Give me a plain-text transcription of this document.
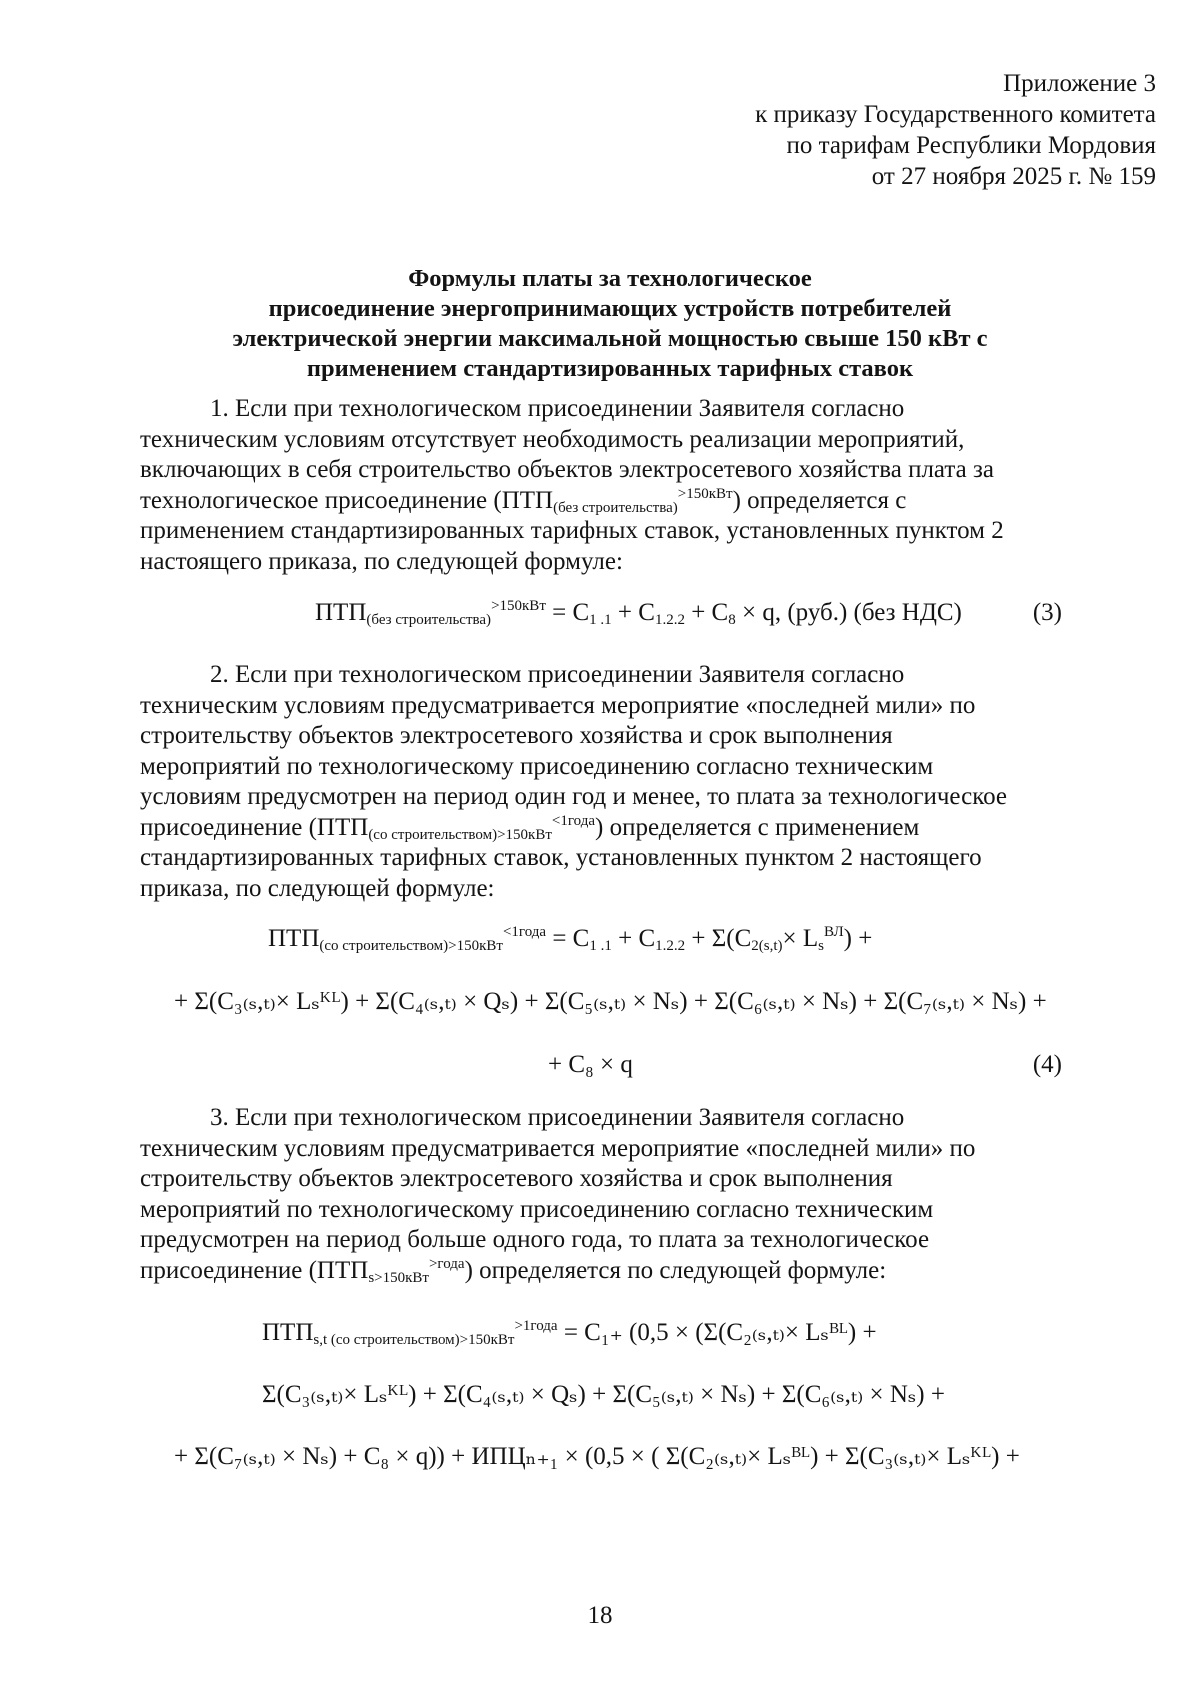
Приложение 3
к приказу Государственного комитета
по тарифам Республики Мордовия
от 27 ноября 2025 г. № 159
Формулы платы за технологическое
присоединение энергопринимающих устройств потребителей
электрической энергии максимальной мощностью свыше 150 кВт с
применением стандартизированных тарифных ставок
1. Если при технологическом присоединении Заявителя согласно
техническим условиям отсутствует необходимость реализации мероприятий,
включающих в себя строительство объектов электросетевого хозяйства плата за
технологическое присоединение $(ПТП_{(без строительства)}^{>150кВт})$ определяется с
применением стандартизированных тарифных ставок, установленных пунктом 2
настоящего приказа, по следующей формуле:
$ПТП_{(без строительства)}^{>150кВт} = C_{1 .1} + C_{1.2.2} + C_8 \times q$, (руб.) (без НДС)	(3)
2. Если при технологическом присоединении Заявителя согласно
техническим условиям предусматривается мероприятие «последней мили» по
строительству объектов электросетевого хозяйства и срок выполнения
мероприятий по технологическому присоединению согласно техническим
условиям предусмотрен на период один год и менее, то плата за технологическое
присоединение $(ПТП_{(со строительством)>150кВт}^{<1года})$ определяется с применением
стандартизированных тарифных ставок, установленных пунктом 2 настоящего
приказа, по следующей формуле:
$ПТП_{(со строительством)>150кВт}^{<1года} = C_{1 .1} + C_{1.2.2} + \Sigma(C_{2(s,t)}\times L_s^{ВЛ})$ +
+ Σ(C₃₍ₛ,ₜ₎× Lₛᴷᴸ) + Σ(C₄₍ₛ,ₜ₎ × Qₛ) + Σ(C₅₍ₛ,ₜ₎ × Nₛ) + Σ(C₆₍ₛ,ₜ₎ × Nₛ) + Σ(C₇₍ₛ,ₜ₎ × Nₛ) +
+ C₈ × q	(4)
3. Если при технологическом присоединении Заявителя согласно
техническим условиям предусматривается мероприятие «последней мили» по
строительству объектов электросетевого хозяйства и срок выполнения
мероприятий по технологическому присоединению согласно техническим
предусмотрен на период больше одного года, то плата за технологическое
присоединение $(ПТП_{s>150кВт}^{>года})$ определяется по следующей формуле:
$ПТП_{s,t (со строительством)>150кВт}^{>1года} = C_{1+}$ (0,5 × (Σ(C₂₍ₛ,ₜ₎× Lₛᴮᴸ) +
Σ(C₃₍ₛ,ₜ₎× Lₛᴷᴸ) + Σ(C₄₍ₛ,ₜ₎ × Qₛ) + Σ(C₅₍ₛ,ₜ₎ × Nₛ) + Σ(C₆₍ₛ,ₜ₎ × Nₛ) +
+ Σ(C₇₍ₛ,ₜ₎ × Nₛ) + C₈ × q)) + ИПЦₙ₊₁ × (0,5 × ( Σ(C₂₍ₛ,ₜ₎× Lₛᴮᴸ) + Σ(C₃₍ₛ,ₜ₎× Lₛᴷᴸ) +
18
